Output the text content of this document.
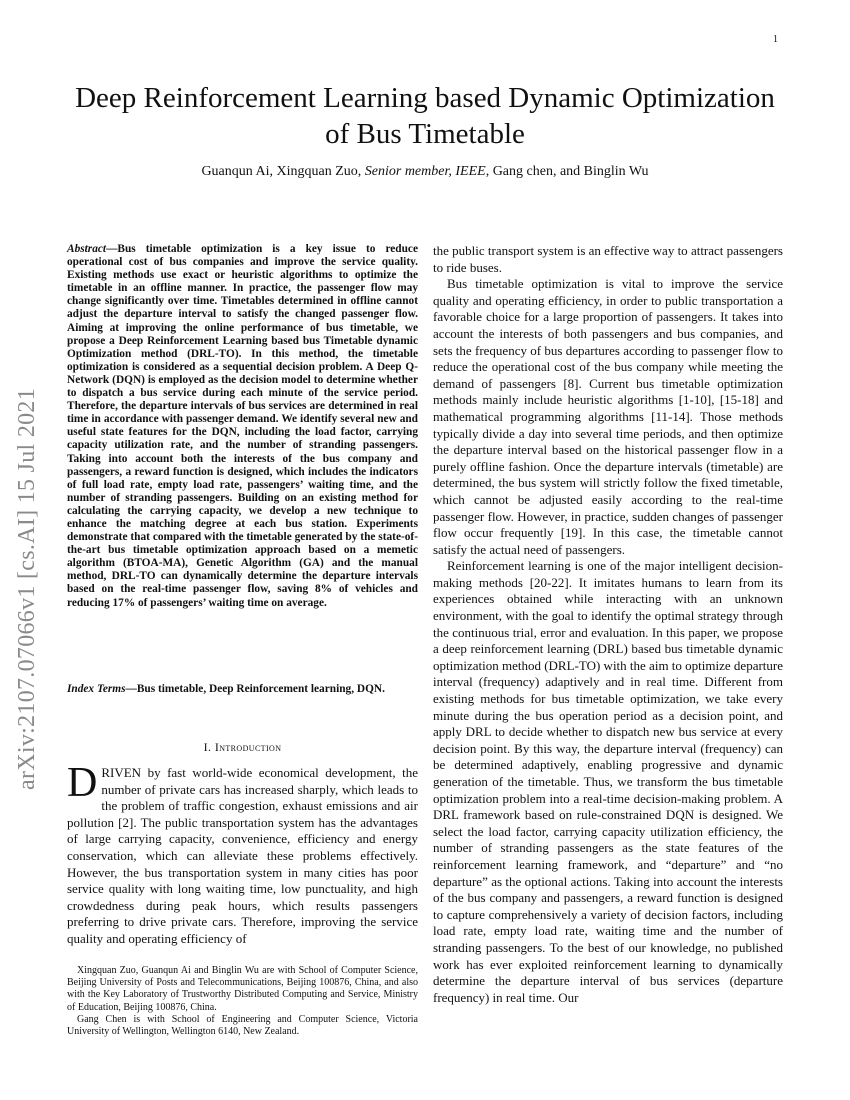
1
arXiv:2107.07066v1 [cs.AI] 15 Jul 2021
Deep Reinforcement Learning based Dynamic Optimization of Bus Timetable
Guanqun Ai, Xingquan Zuo, Senior member, IEEE, Gang chen, and Binglin Wu
Abstract—Bus timetable optimization is a key issue to reduce operational cost of bus companies and improve the service quality. Existing methods use exact or heuristic algorithms to optimize the timetable in an offline manner. In practice, the passenger flow may change significantly over time. Timetables determined in offline cannot adjust the departure interval to satisfy the changed passenger flow. Aiming at improving the online performance of bus timetable, we propose a Deep Reinforcement Learning based bus Timetable dynamic Optimization method (DRL-TO). In this method, the timetable optimization is considered as a sequential decision problem. A Deep Q-Network (DQN) is employed as the decision model to determine whether to dispatch a bus service during each minute of the service period. Therefore, the departure intervals of bus services are determined in real time in accordance with passenger demand. We identify several new and useful state features for the DQN, including the load factor, carrying capacity utilization rate, and the number of stranding passengers. Taking into account both the interests of the bus company and passengers, a reward function is designed, which includes the indicators of full load rate, empty load rate, passengers’ waiting time, and the number of stranding passengers. Building on an existing method for calculating the carrying capacity, we develop a new technique to enhance the matching degree at each bus station. Experiments demonstrate that compared with the timetable generated by the state-of-the-art bus timetable optimization approach based on a memetic algorithm (BTOA-MA), Genetic Algorithm (GA) and the manual method, DRL-TO can dynamically determine the departure intervals based on the real-time passenger flow, saving 8% of vehicles and reducing 17% of passengers’ waiting time on average.
Index Terms—Bus timetable, Deep Reinforcement learning, DQN.
I. Introduction
DRIVEN by fast world-wide economical development, the number of private cars has increased sharply, which leads to the problem of traffic congestion, exhaust emissions and air pollution [2]. The public transportation system has the advantages of large carrying capacity, convenience, efficiency and energy conservation, which can alleviate these problems effectively. However, the bus transportation system in many cities has poor service quality with long waiting time, low punctuality, and high crowdedness during peak hours, which results passengers preferring to drive private cars. Therefore, improving the service quality and operating efficiency of

Xingquan Zuo, Guanqun Ai and Binglin Wu are with School of Computer Science, Beijing University of Posts and Telecommunications, Beijing 100876, China, and also with the Key Laboratory of Trustworthy Distributed Computing and Service, Ministry of Education, Beijing 100876, China.

Gang Chen is with School of Engineering and Computer Science, Victoria University of Wellington, Wellington 6140, New Zealand.

the public transport system is an effective way to attract passengers to ride buses.

Bus timetable optimization is vital to improve the service quality and operating efficiency, in order to public transportation a favorable choice for a large proportion of passengers. It takes into account the interests of both passengers and bus companies, and sets the frequency of bus departures according to passenger flow to reduce the operational cost of the bus company while meeting the demand of passengers [8]. Current bus timetable optimization methods mainly include heuristic algorithms [1-10], [15-18] and mathematical programming algorithms [11-14]. Those methods typically divide a day into several time periods, and then optimize the departure interval based on the historical passenger flow in a purely offline fashion. Once the departure intervals (timetable) are determined, the bus system will strictly follow the fixed timetable, which cannot be adjusted easily according to the real-time passenger flow. However, in practice, sudden changes of passenger flow occur frequently [19]. In this case, the timetable cannot satisfy the actual need of passengers.

Reinforcement learning is one of the major intelligent decision-making methods [20-22]. It imitates humans to learn from its experiences obtained while interacting with an unknown environment, with the goal to identify the optimal strategy through the continuous trial, error and evaluation. In this paper, we propose a deep reinforcement learning (DRL) based bus timetable dynamic optimization method (DRL-TO) with the aim to optimize departure interval (frequency) adaptively and in real time. Different from existing methods for bus timetable optimization, we take every minute during the bus operation period as a decision point, and apply DRL to decide whether to dispatch new bus service at every decision point. By this way, the departure interval (frequency) can be determined adaptively, enabling progressive and dynamic generation of the timetable. Thus, we transform the bus timetable optimization problem into a real-time decision-making problem. A DRL framework based on rule-constrained DQN is designed. We select the load factor, carrying capacity utilization efficiency, the number of stranding passengers as the state features of the reinforcement learning framework, and “departure” and “no departure” as the optional actions. Taking into account the interests of the bus company and passengers, a reward function is designed to capture comprehensively a variety of decision factors, including load rate, empty load rate, waiting time and the number of stranding passengers. To the best of our knowledge, no published work has ever exploited reinforcement learning to dynamically determine the departure interval of bus services (departure frequency) in real time. Our
